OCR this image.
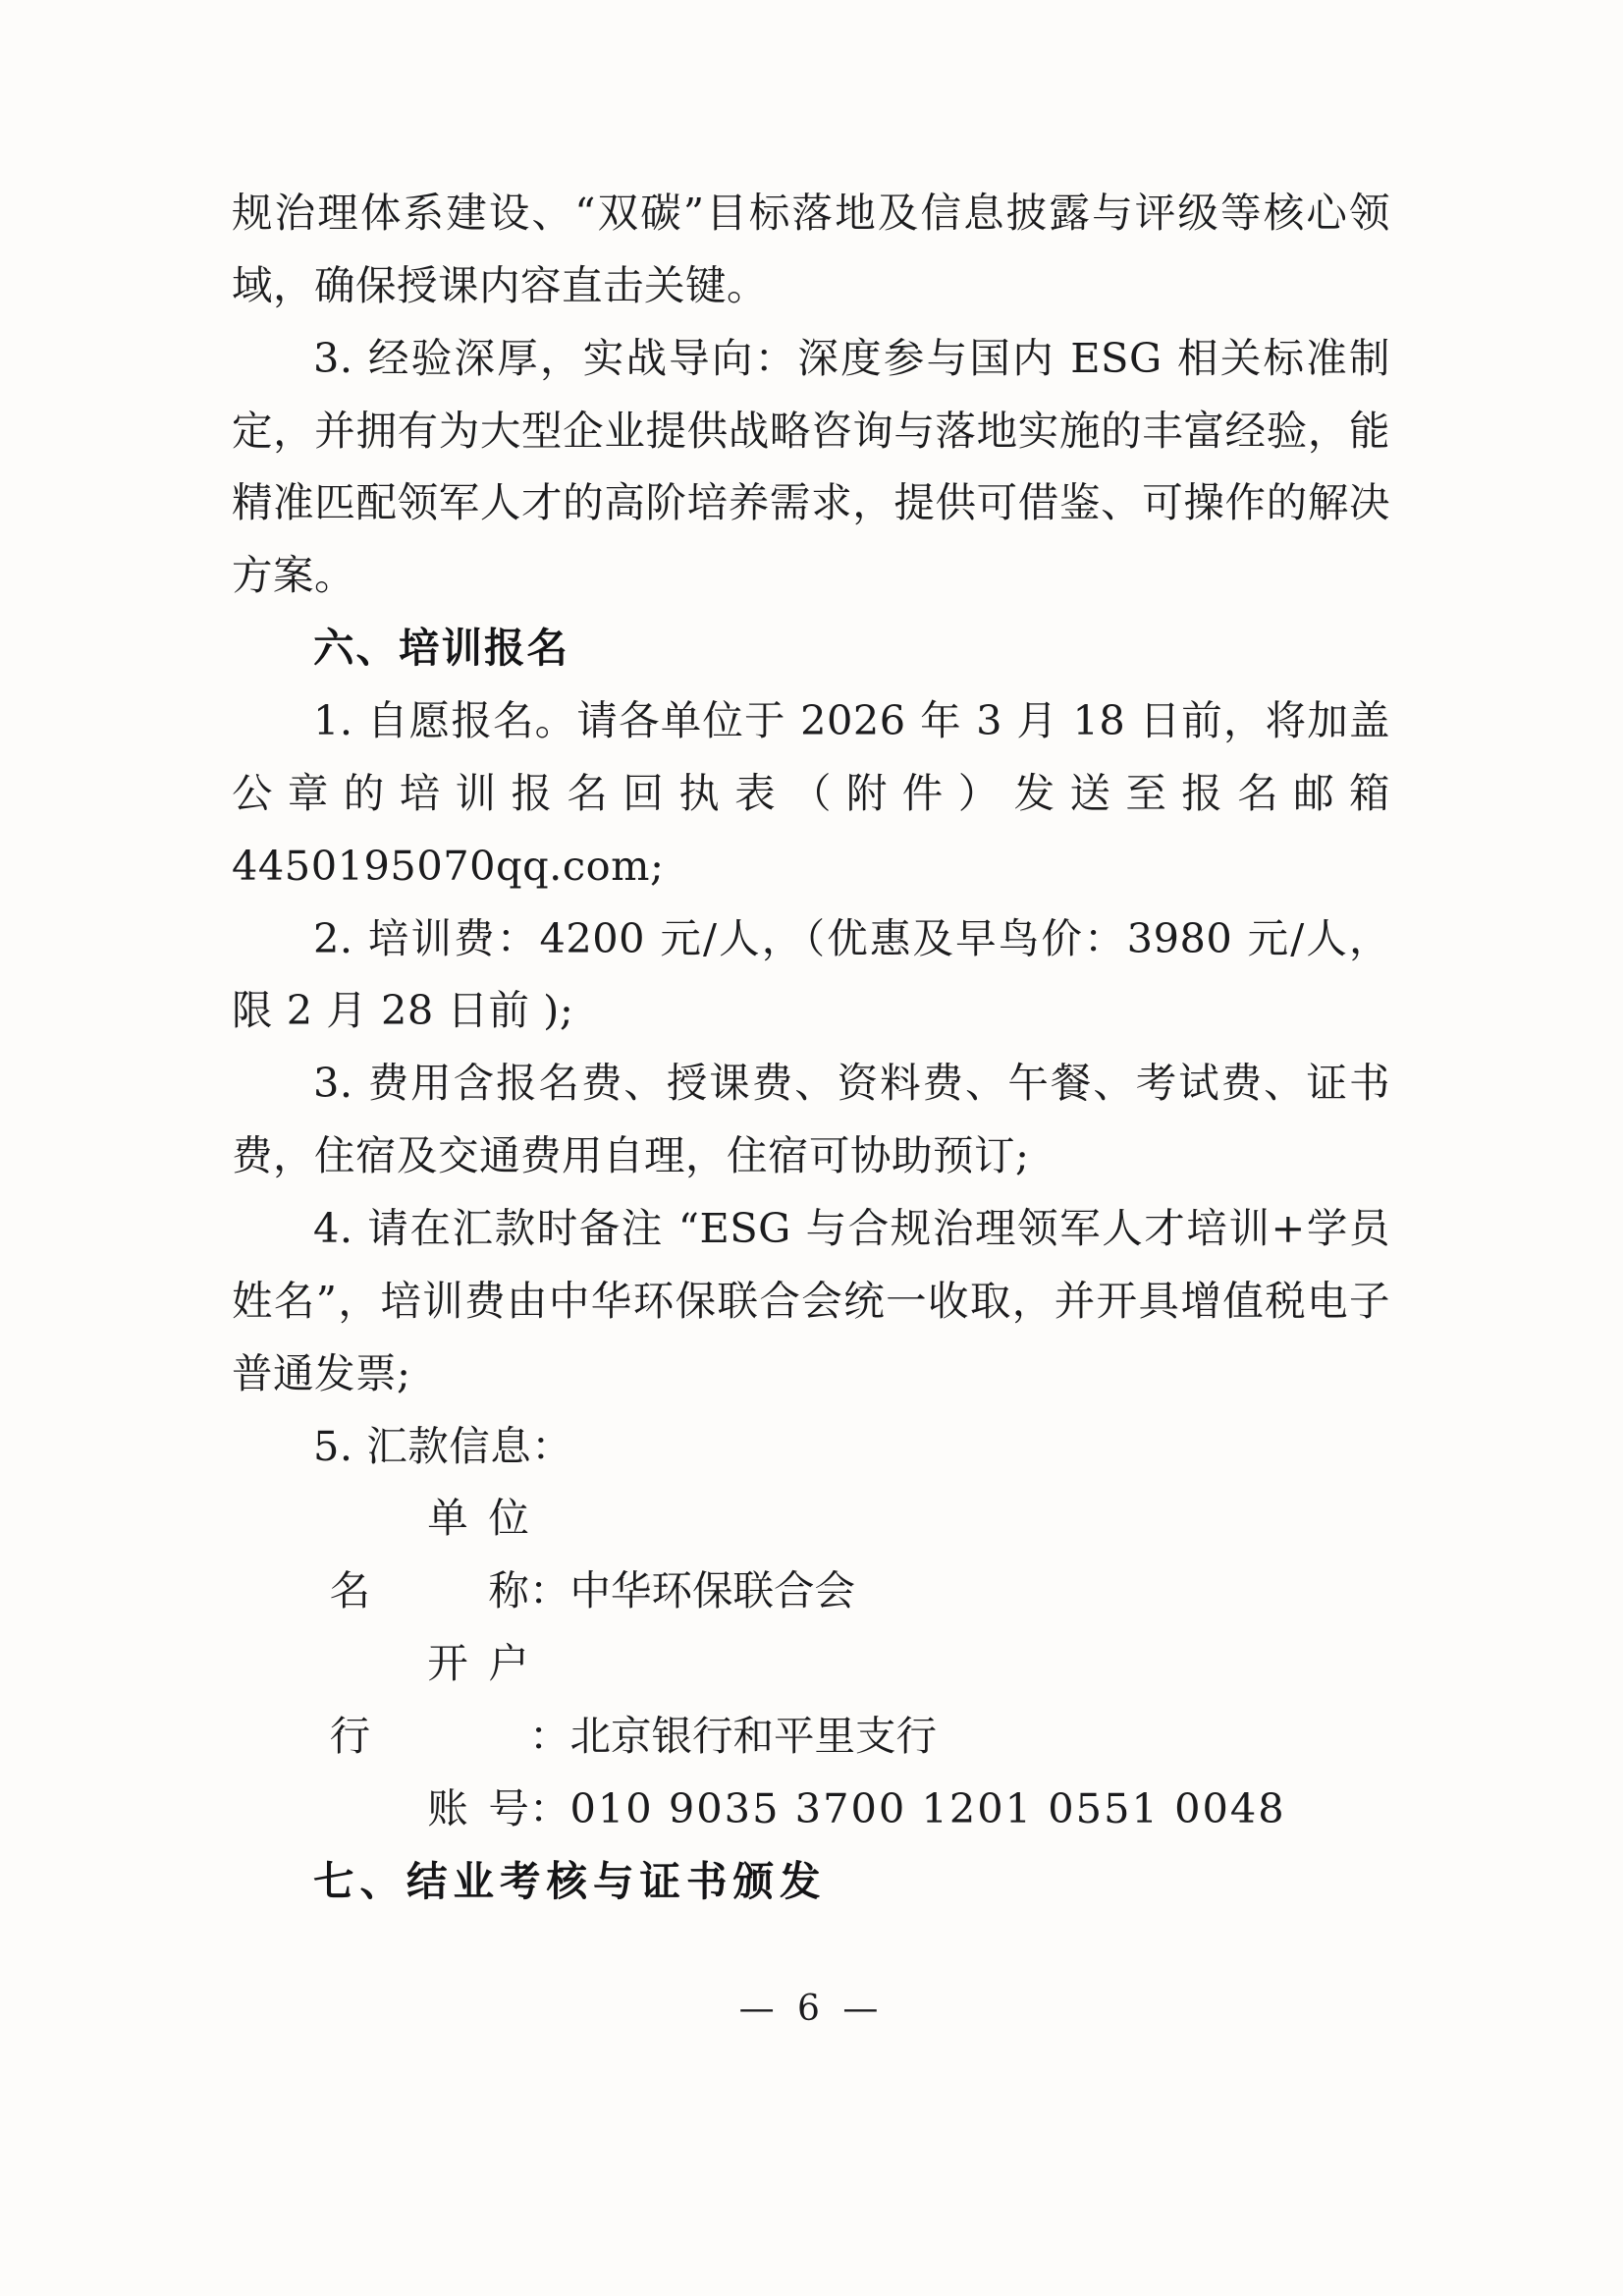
规治理体系建设、“双碳”目标落地及信息披露与评级等核心领域，确保授课内容直击关键。

3. 经验深厚，实战导向：深度参与国内 ESG 相关标准制定，并拥有为大型企业提供战略咨询与落地实施的丰富经验，能精准匹配领军人才的高阶培养需求，提供可借鉴、可操作的解决方案。

六、培训报名

1. 自愿报名。请各单位于 2026 年 3 月 18 日前，将加盖公章的培训报名回执表（附件）发送至报名邮箱 4450195070qq.com;

2. 培训费：4200 元/人，（优惠及早鸟价：3980 元/人，限 2 月 28 日前 );

3. 费用含报名费、授课费、资料费、午餐、考试费、证书费，住宿及交通费用自理，住宿可协助预订;

4. 请在汇款时备注 “ESG 与合规治理领军人才培训+学员姓名”，培训费由中华环保联合会统一收取，并开具增值税电子普通发票;

5. 汇款信息：

单位名称：中华环保联合会

开户行	：北京银行和平里支行

账号：010 9035 3700 1201 0551 0048

七、结业考核与证书颁发

— 6 —
